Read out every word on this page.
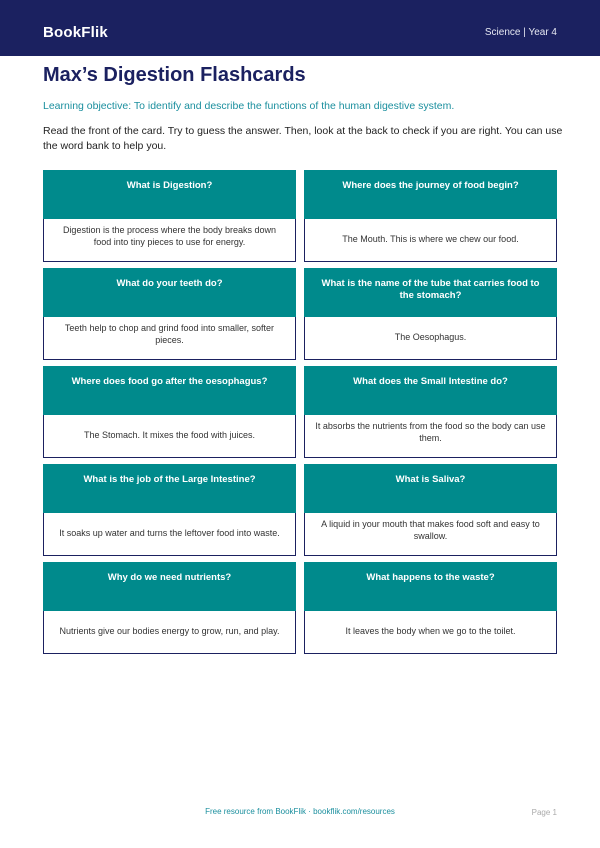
BookFlik	Science | Year 4
Max’s Digestion Flashcards
Learning objective: To identify and describe the functions of the human digestive system.
Read the front of the card. Try to guess the answer. Then, look at the back to check if you are right. You can use the word bank to help you.
What is Digestion?
Digestion is the process where the body breaks down food into tiny pieces to use for energy.
Where does the journey of food begin?
The Mouth. This is where we chew our food.
What do your teeth do?
Teeth help to chop and grind food into smaller, softer pieces.
What is the name of the tube that carries food to the stomach?
The Oesophagus.
Where does food go after the oesophagus?
The Stomach. It mixes the food with juices.
What does the Small Intestine do?
It absorbs the nutrients from the food so the body can use them.
What is the job of the Large Intestine?
It soaks up water and turns the leftover food into waste.
What is Saliva?
A liquid in your mouth that makes food soft and easy to swallow.
Why do we need nutrients?
Nutrients give our bodies energy to grow, run, and play.
What happens to the waste?
It leaves the body when we go to the toilet.
Free resource from BookFlik · bookflik.com/resources	Page 1
